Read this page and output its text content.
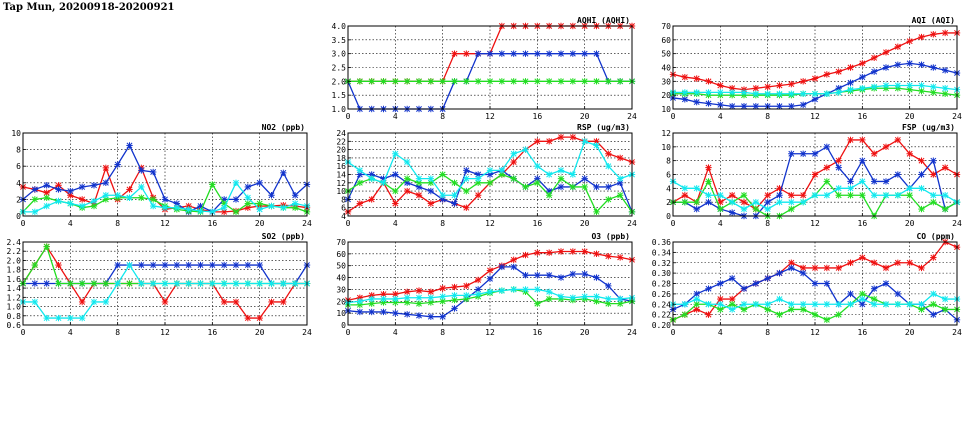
Tap Mun, 20200918-20200921
0	4	8	12	16	20	24
1.0
1.5
2.0
2.5
3.0
3.5
4.0
AQHI (AQHI)
0	4	8	12	16	20	24
10
20
30
40
50
60
70
AQI (AQI)
0	4	8	12	16	20	24
0
2
4
6
8
10
NO2 (ppb)
0	4	8	12	16	20	24
4
6
8
10
12
14
16
18
20
22
24
RSP (ug/m3)
0	4	8	12	16	20	24
0
2
4
6
8
10
12
FSP (ug/m3)
0	4	8	12	16	20	24
0.6
0.8
1.0
1.2
1.4
1.6
1.8
2.0
2.2
2.4
SO2 (ppb)
0	4	8	12	16	20	24
0
10
20
30
40
50
60
70
O3 (ppb)
0	4	8	12	16	20	24
0.20
0.22
0.24
0.26
0.28
0.30
0.32
0.34
0.36
CO (ppm)
